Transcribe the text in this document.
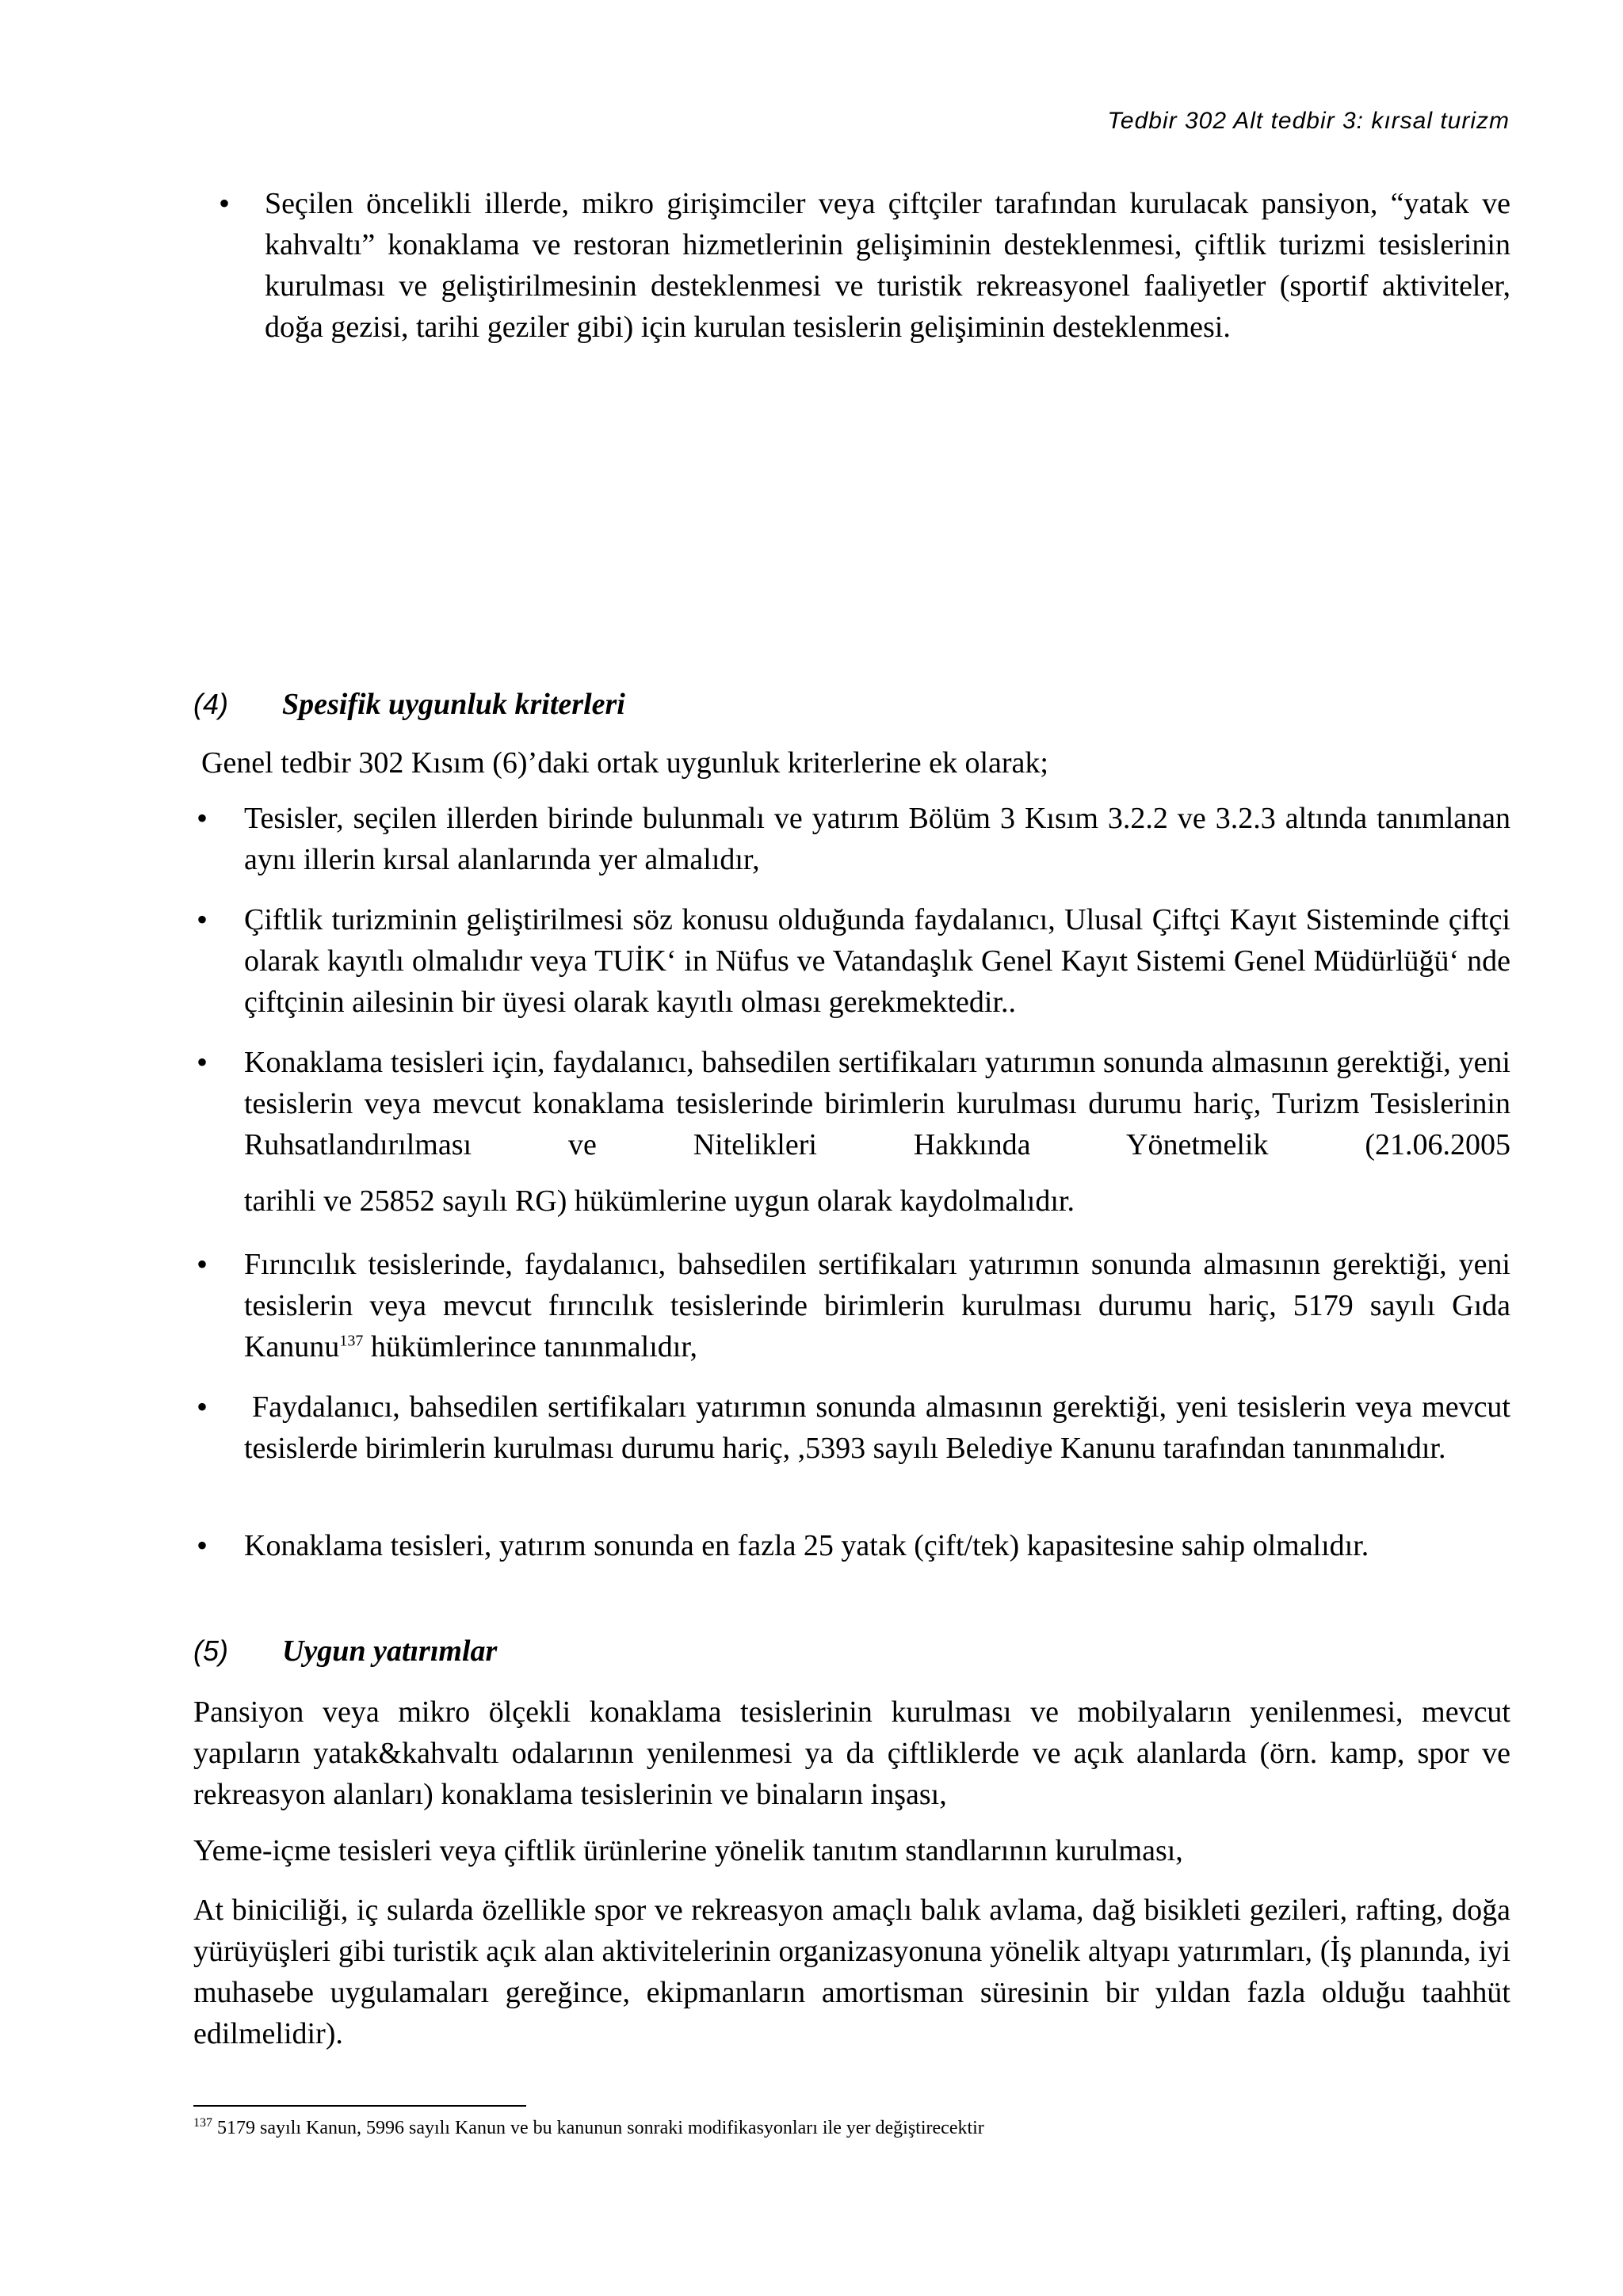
Tedbir 302 Alt tedbir 3: kırsal turizm
• Seçilen öncelikli illerde, mikro girişimciler veya çiftçiler tarafından kurulacak pansiyon, “yatak ve kahvaltı” konaklama ve restoran hizmetlerinin gelişiminin desteklenmesi, çiftlik turizmi tesislerinin kurulması ve geliştirilmesinin desteklenmesi ve turistik rekreasyonel faaliyetler (sportif aktiviteler, doğa gezisi, tarihi geziler gibi) için kurulan tesislerin gelişiminin desteklenmesi.
(4) Spesifik uygunluk kriterleri
Genel tedbir 302 Kısım (6)’daki ortak uygunluk kriterlerine ek olarak;
• Tesisler, seçilen illerden birinde bulunmalı ve yatırım Bölüm 3 Kısım 3.2.2 ve 3.2.3 altında tanımlanan aynı illerin kırsal alanlarında yer almalıdır,
• Çiftlik turizminin geliştirilmesi söz konusu olduğunda faydalanıcı, Ulusal Çiftçi Kayıt Sisteminde çiftçi olarak kayıtlı olmalıdır veya TUİK‘ in Nüfus ve Vatandaşlık Genel Kayıt Sistemi Genel Müdürlüğü‘ nde çiftçinin ailesinin bir üyesi olarak kayıtlı olması gerekmektedir..
• Konaklama tesisleri için, faydalanıcı, bahsedilen sertifikaları yatırımın sonunda almasının gerektiği, yeni tesislerin veya mevcut konaklama tesislerinde birimlerin kurulması durumu hariç, Turizm Tesislerinin Ruhsatlandırılması ve Nitelikleri Hakkında Yönetmelik (21.06.2005
tarihli ve 25852 sayılı RG) hükümlerine uygun olarak kaydolmalıdır.
• Fırıncılık tesislerinde, faydalanıcı, bahsedilen sertifikaları yatırımın sonunda almasının gerektiği, yeni tesislerin veya mevcut fırıncılık tesislerinde birimlerin kurulması durumu hariç, 5179 sayılı Gıda Kanunu$^{137}$ hükümlerince tanınmalıdır,
• Faydalanıcı, bahsedilen sertifikaları yatırımın sonunda almasının gerektiği, yeni tesislerin veya mevcut tesislerde birimlerin kurulması durumu hariç, ,5393 sayılı Belediye Kanunu tarafından tanınmalıdır.
• Konaklama tesisleri, yatırım sonunda en fazla 25 yatak (çift/tek) kapasitesine sahip olmalıdır.
(5) Uygun yatırımlar
Pansiyon veya mikro ölçekli konaklama tesislerinin kurulması ve mobilyaların yenilenmesi, mevcut yapıların yatak&kahvaltı odalarının yenilenmesi ya da çiftliklerde ve açık alanlarda (örn. kamp, spor ve rekreasyon alanları) konaklama tesislerinin ve binaların inşası,
Yeme-içme tesisleri veya çiftlik ürünlerine yönelik tanıtım standlarının kurulması,
At biniciliği, iç sularda özellikle spor ve rekreasyon amaçlı balık avlama, dağ bisikleti gezileri, rafting, doğa yürüyüşleri gibi turistik açık alan aktivitelerinin organizasyonuna yönelik altyapı yatırımları, (İş planında, iyi muhasebe uygulamaları gereğince, ekipmanların amortisman süresinin bir yıldan fazla olduğu taahhüt edilmelidir).
$^{137}$ 5179 sayılı Kanun, 5996 sayılı Kanun ve bu kanunun sonraki modifikasyonları ile yer değiştirecektir
